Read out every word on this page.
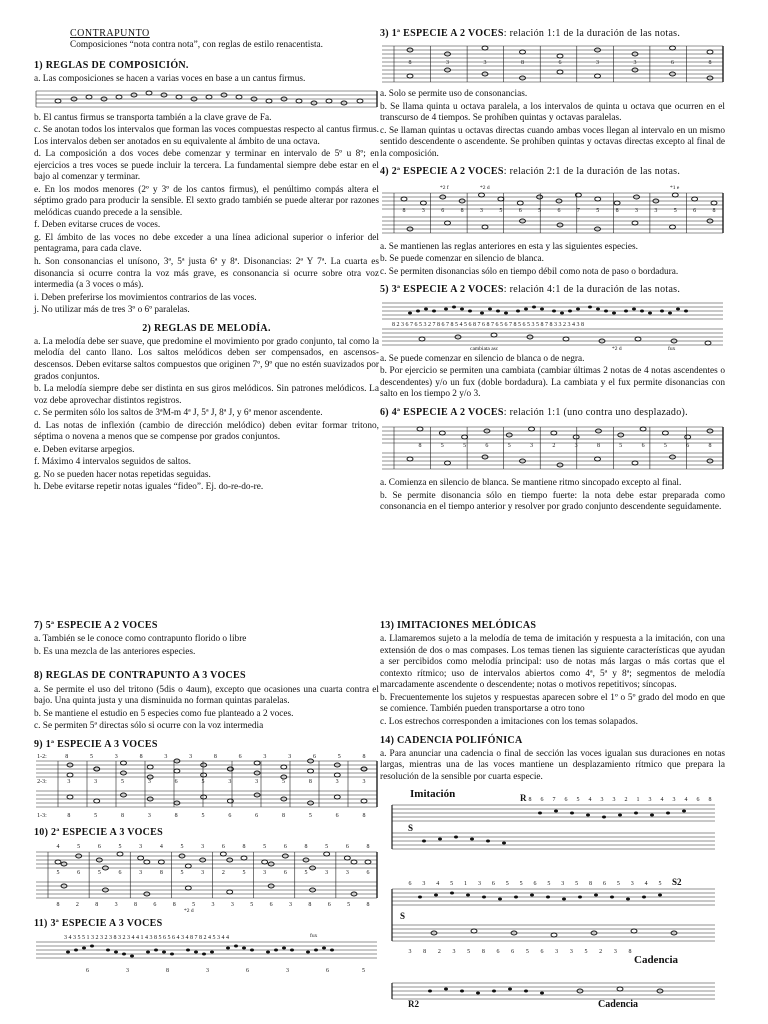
CONTRAPUNTO
Composiciones “nota contra nota”, con reglas de estilo renacentista.
1) REGLAS DE COMPOSICIÓN.

a. Las composiciones se hacen a varias voces en base a un cantus firmus.

b. El cantus firmus se transporta también a la clave grave de Fa.

c. Se anotan todos los intervalos que forman las voces compuestas respecto al cantus firmus. Los intervalos deben ser anotados en su equivalente al ámbito de una octava.

d. La composición a dos voces debe comenzar y terminar en intervalo de 5º u 8º; en ejercicios a tres voces se puede incluir la tercera. La fundamental siempre debe estar en el bajo al comenzar y terminar.

e. En los modos menores (2º y 3º de los cantos firmus), el penúltimo compás altera el séptimo grado para producir la sensible. El sexto grado también se puede alterar por razones melódicas cuando precede a la sensible.

f. Deben evitarse cruces de voces.

g. El ámbito de las voces no debe exceder a una línea adicional superior o inferior del pentagrama, para cada clave.

h. Son consonancias el unísono, 3ª, 5ª justa 6ª y 8ª. Disonancias: 2ª Y 7ª. La cuarta es disonancia si ocurre contra la voz más grave, es consonancia si ocurre sobre otra voz intermedia (a 3 voces o más).

i. Deben preferirse los movimientos contrarios de las voces.

j. No utilizar más de tres 3º o 6º paralelas.

2) REGLAS DE MELODÍA.

a. La melodía debe ser suave, que predomine el movimiento por grado conjunto, tal como la melodía del canto llano. Los saltos melódicos deben ser compensados, en ascensos-descensos. Deben evitarse saltos compuestos que originen 7º, 9º que no estén suavizados por grados conjuntos.

b. La melodía siempre debe ser distinta en sus giros melódicos. Sin patrones melódicos. La voz debe aprovechar distintos registros.

c. Se permiten sólo los saltos de 3ªM-m 4ª J, 5ª J, 8ª J, y 6ª menor ascendente.

d. Las notas de inflexión (cambio de dirección melódico) deben evitar formar tritono, séptima o novena a menos que se compense por grados conjuntos.

e. Deben evitarse arpegios.

f. Máximo 4 intervalos seguidos de saltos.

g. No se pueden hacer notas repetidas seguidas.

h. Debe evitarse repetir notas iguales “fideo”. Ej. do-re-do-re.

3) 1ª ESPECIE A 2 VOCES: relación 1:1 de la duración de las notas.
8	3	3	8	6	3	3	6	8

a. Solo se permite uso de consonancias.

b. Se llama quinta u octava paralela, a los intervalos de quinta u octava que ocurren en el transcurso de 4 tiempos. Se prohíben quintas y octavas paralelas.

c. Se llaman quintas u octavas directas cuando ambas voces llegan al intervalo en un mismo sentido descendente o ascendente. Se prohíben quintas y octavas directas excepto al final de la composición.

4) 2ª ESPECIE A 2 VOCES: relación 2:1 de la duración de las notas.
8	3	6	8	3	5	6	5	6	7	5	8	3	3	5	6	8
*2 f	*2 d	*1 e

a. Se mantienen las reglas anteriores en esta y las siguientes especies.

b. Se puede comenzar en silencio de blanca.

c. Se permiten disonancias sólo en tiempo débil como nota de paso o bordadura.

5) 3ª ESPECIE A 2 VOCES: relación 4:1 de la duración de las notas.
8 2 3 6 7 6 5 3 2 7 8 6 7 8 5 4 5 6 8 7 6 8 7 6 5 6 7 8 5 6 5 3 5 8 7 8 3 3 2 3 4 3 8
cambiata asc	*2 d	fux

a. Se puede comenzar en silencio de blanca o de negra.

b. Por ejercicio se permiten una cambiata (cambiar últimas 2 notas de 4 notas ascendentes o descendentes) y/o un fux (doble bordadura). La cambiata y el fux permite disonancias con salto en los tiempo 2 y/o 3.

6) 4ª ESPECIE A 2 VOCES: relación 1:1 (uno contra uno desplazado).
8	5	5	6	5	3	2	3	8	5	6	5	6	8

a. Comienza en silencio de blanca. Se mantiene ritmo sincopado excepto al final.

b. Se permite disonancia sólo en tiempo fuerte: la nota debe estar preparada como consonancia en el tiempo anterior y resolver por grado conjunto descendente seguidamente.

7) 5ª ESPECIE A 2 VOCES

a. También se le conoce como contrapunto florido o libre

b. Es una mezcla de las anteriores especies.

8) REGLAS DE CONTRAPUNTO A 3 VOCES

a. Se permite el uso del tritono (5dis o 4aum), excepto que ocasiones una cuarta contra el bajo. Una quinta justa y una disminuida no forman quintas paralelas.

b. Se mantiene el estudio en 5 especies como fue planteado a 2 voces.

c. Se permiten 5ª directas sólo si ocurre con la voz intermedia

9) 1ª ESPECIE A 3 VOCES
1-2:	8	5	3	8	3	3	8	6	3	3	6	5	8
2-3:	3	3	5	3	6	5	3	3	5	8	3	3
1-3:	8	5	8	3	8	5	6	6	8	5	6	8
10) 2ª ESPECIE A 3 VOCES
4	5	6	5	3	4	5	3	6	8	5	6	8	5	6	8
5	6	5	6	3	8	5	3	2	5	3	6	5	3	3	6
8	2	8	3	8	6	8	5	3	3	5	6	3	8	6	5	8
*2 d
11) 3ª ESPECIE A 3 VOCES
3 4 3 5 5 1 3 2 3 2 3 8 3 2 3 4 4 1 4 3 8 5 6 5 6 4 3 4 8 7 8 2 4 5 3 4 4	fux
6	3	8	3	6	3	6	5
13) IMITACIONES MELÓDICAS

a. Llamaremos sujeto a la melodía de tema de imitación y respuesta a la imitación, con una extensión de dos o mas compases. Los temas tienen las siguiente características que ayudan a ser percibidos como melodía principal: uso de notas más largas o más cortas que el contexto rítmico; uso de intervalos abiertos como 4ª, 5ª y 8ª; segmentos de melodía marcadamente ascendente o descendente; notas o motivos repetitivos; síncopas.

b. Frecuentemente los sujetos y respuestas aparecen sobre el 1º o 5º grado del modo en que se comience. También pueden transportarse a otro tono

c. Los estrechos corresponden a imitaciones con los temas solapados.

14) CADENCIA POLIFÓNICA

a. Para anunciar una cadencia o final de sección las voces igualan sus duraciones en notas largas, mientras una de las voces mantiene un desplazamiento rítmico que prepara la resolución de la sensible por cuarta especie.

Imitación	R
S
S
S2
R2
Cadencia
Cadencia
8 6 7 6 5 4 3 3 2 1 3 4 3 4 6 8
6 3 4 5 1 3 6 5 5 6 5 3 5 8 6 5 3 4 5
3 8 2 3 5 8 6 6 5 6 3 3 5 2 3 8
